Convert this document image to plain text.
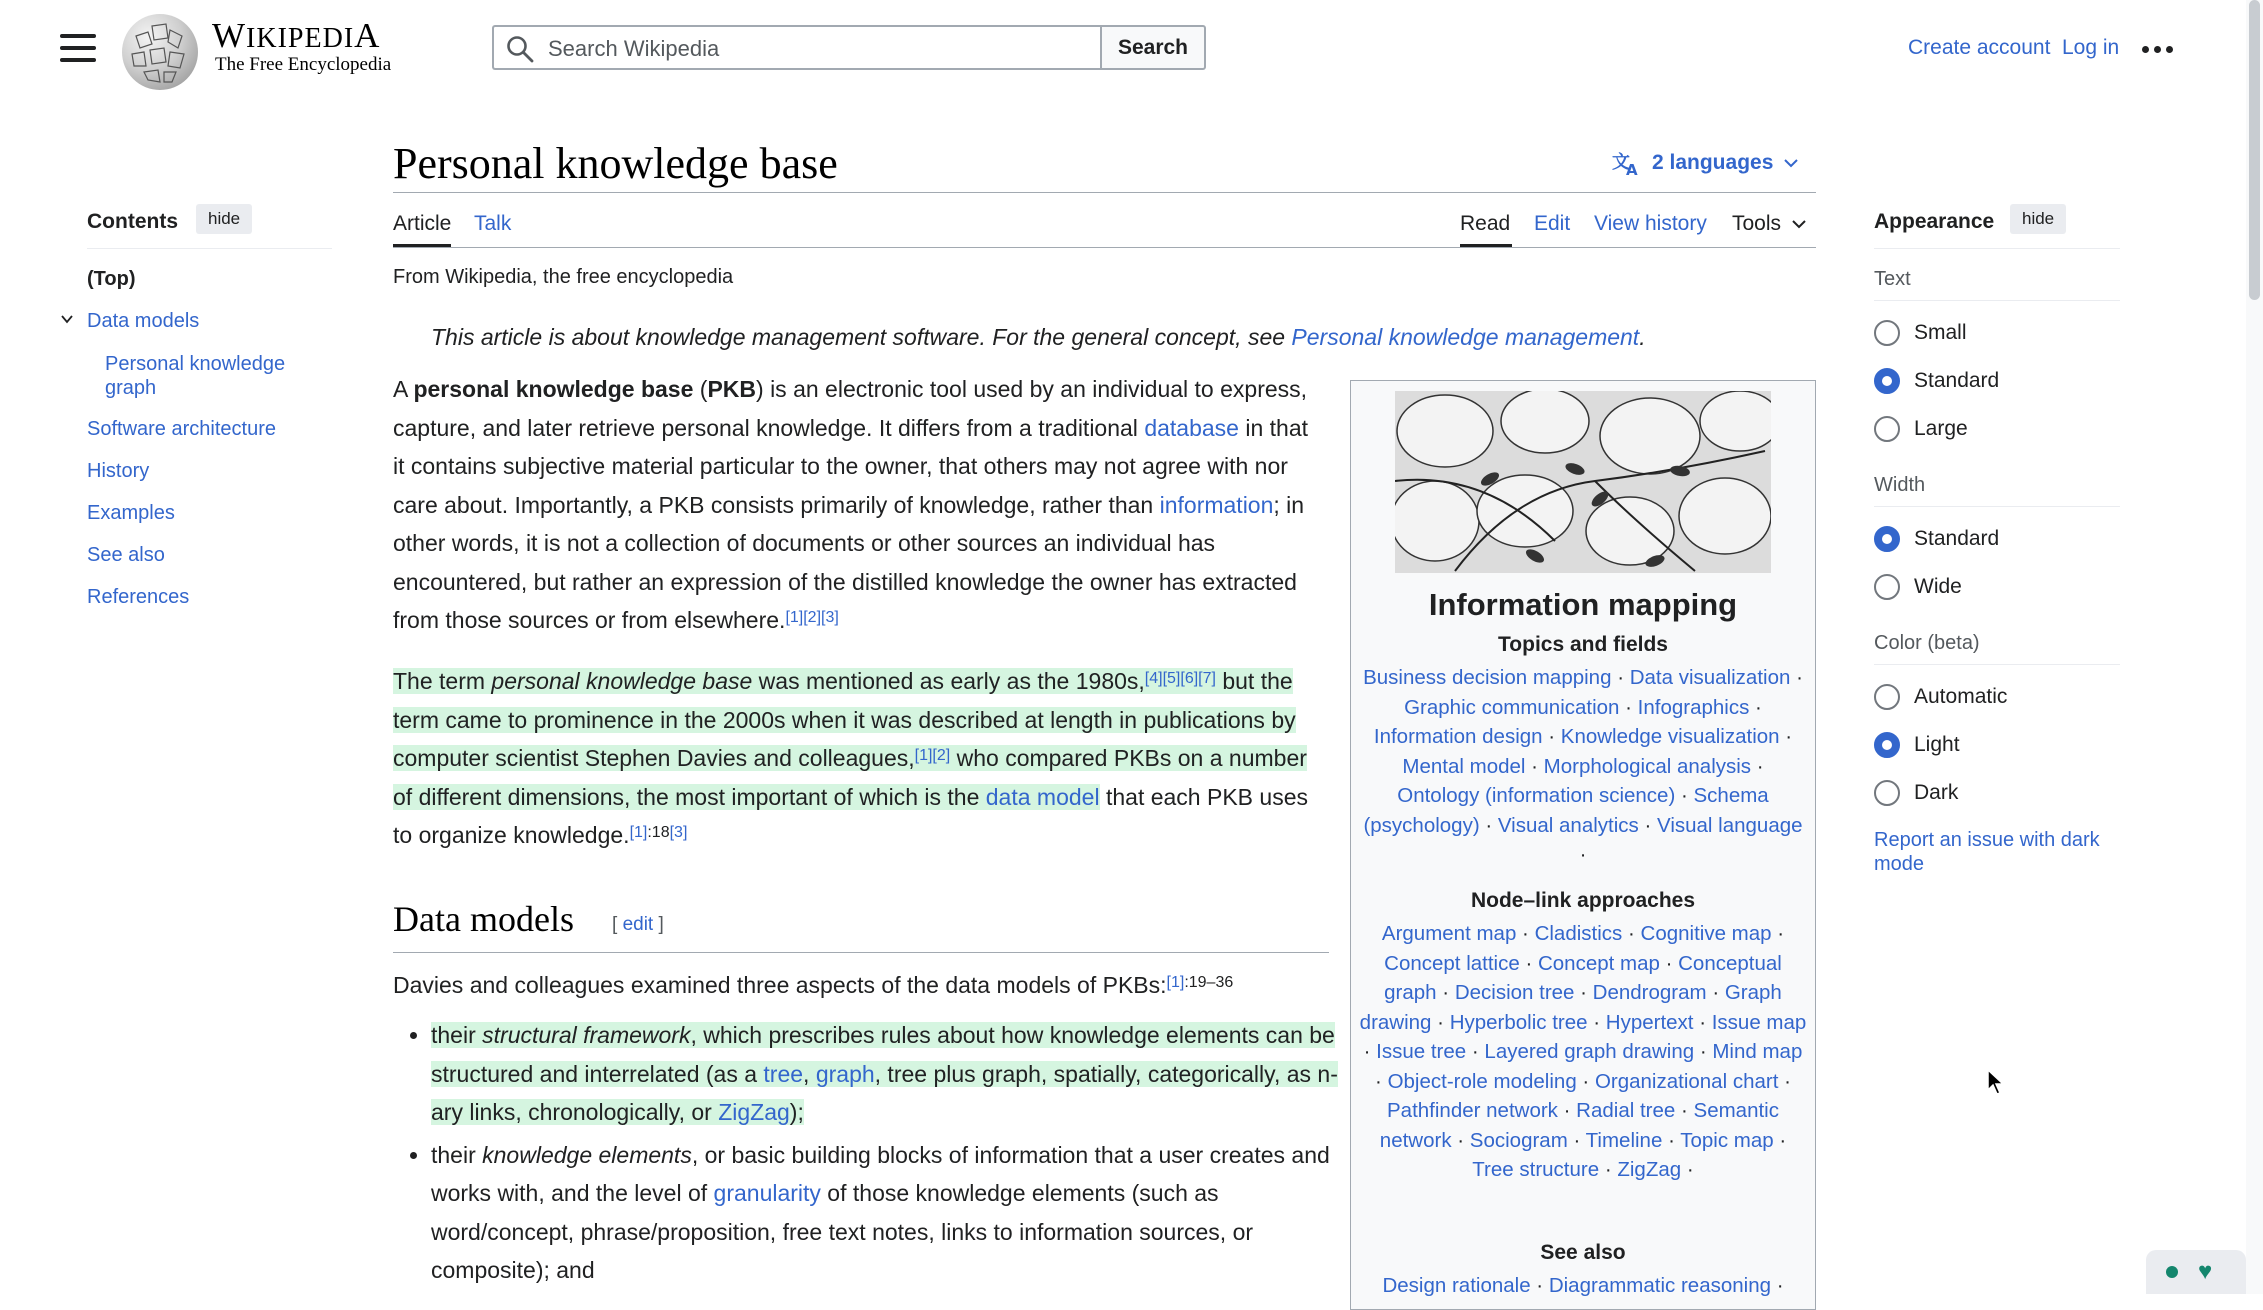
WIKIPEDIA
The Free Encyclopedia
Search Wikipedia
Search	Create account Log in
Contents	hide
(Top)
Data models
Personal knowledge graph
Software architecture
History
Examples
See also
References
Personal knowledge base	文
A 2 languages
Article Talk	Read Edit View history Tools
From Wikipedia, the free encyclopedia
This article is about knowledge management software. For the general concept, see Personal knowledge management.
A personal knowledge base (PKB) is an electronic tool used by an individual to express, capture, and later retrieve personal knowledge. It differs from a traditional database in that it contains subjective material particular to the owner, that others may not agree with nor care about. Importantly, a PKB consists primarily of knowledge, rather than information; in other words, it is not a collection of documents or other sources an individual has encountered, but rather an expression of the distilled knowledge the owner has extracted from those sources or from elsewhere.[1][2][3]
The term personal knowledge base was mentioned as early as the 1980s,[4][5][6][7] but the term came to prominence in the 2000s when it was described at length in publications by computer scientist Stephen Davies and colleagues,[1][2] who compared PKBs on a number of different dimensions, the most important of which is the data model that each PKB uses to organize knowledge.[1]:18[3]
Data models [ edit ]
Davies and colleagues examined three aspects of the data models of PKBs:$^{[1]:19-36}$
• their structural framework, which prescribes rules about how knowledge elements can be structured and interrelated (as a tree, graph, tree plus graph, spatially, categorically, as n-ary links, chronologically, or ZigZag);
• their knowledge elements, or basic building blocks of information that a user creates and works with, and the level of granularity of those knowledge elements (such as word/concept, phrase/proposition, free text notes, links to information sources, or composite); and
Information mapping
Topics and fields
Business decision mapping · Data visualization · Graphic communication · Infographics · Information design · Knowledge visualization · Mental model · Morphological analysis · Ontology (information science) · Schema (psychology) · Visual analytics · Visual language ·
Node–link approaches
Argument map · Cladistics · Cognitive map · Concept lattice · Concept map · Conceptual graph · Decision tree · Dendrogram · Graph drawing · Hyperbolic tree · Hypertext · Issue map · Issue tree · Layered graph drawing · Mind map · Object-role modeling · Organizational chart · Pathfinder network · Radial tree · Semantic network · Sociogram · Timeline · Topic map · Tree structure · ZigZag ·
See also
Design rationale · Diagrammatic reasoning ·
Appearance	hide
Text
Small
Standard
Large
Width
Standard
Wide
Color (beta)
Automatic
Light
Dark
Report an issue with dark mode
♥
